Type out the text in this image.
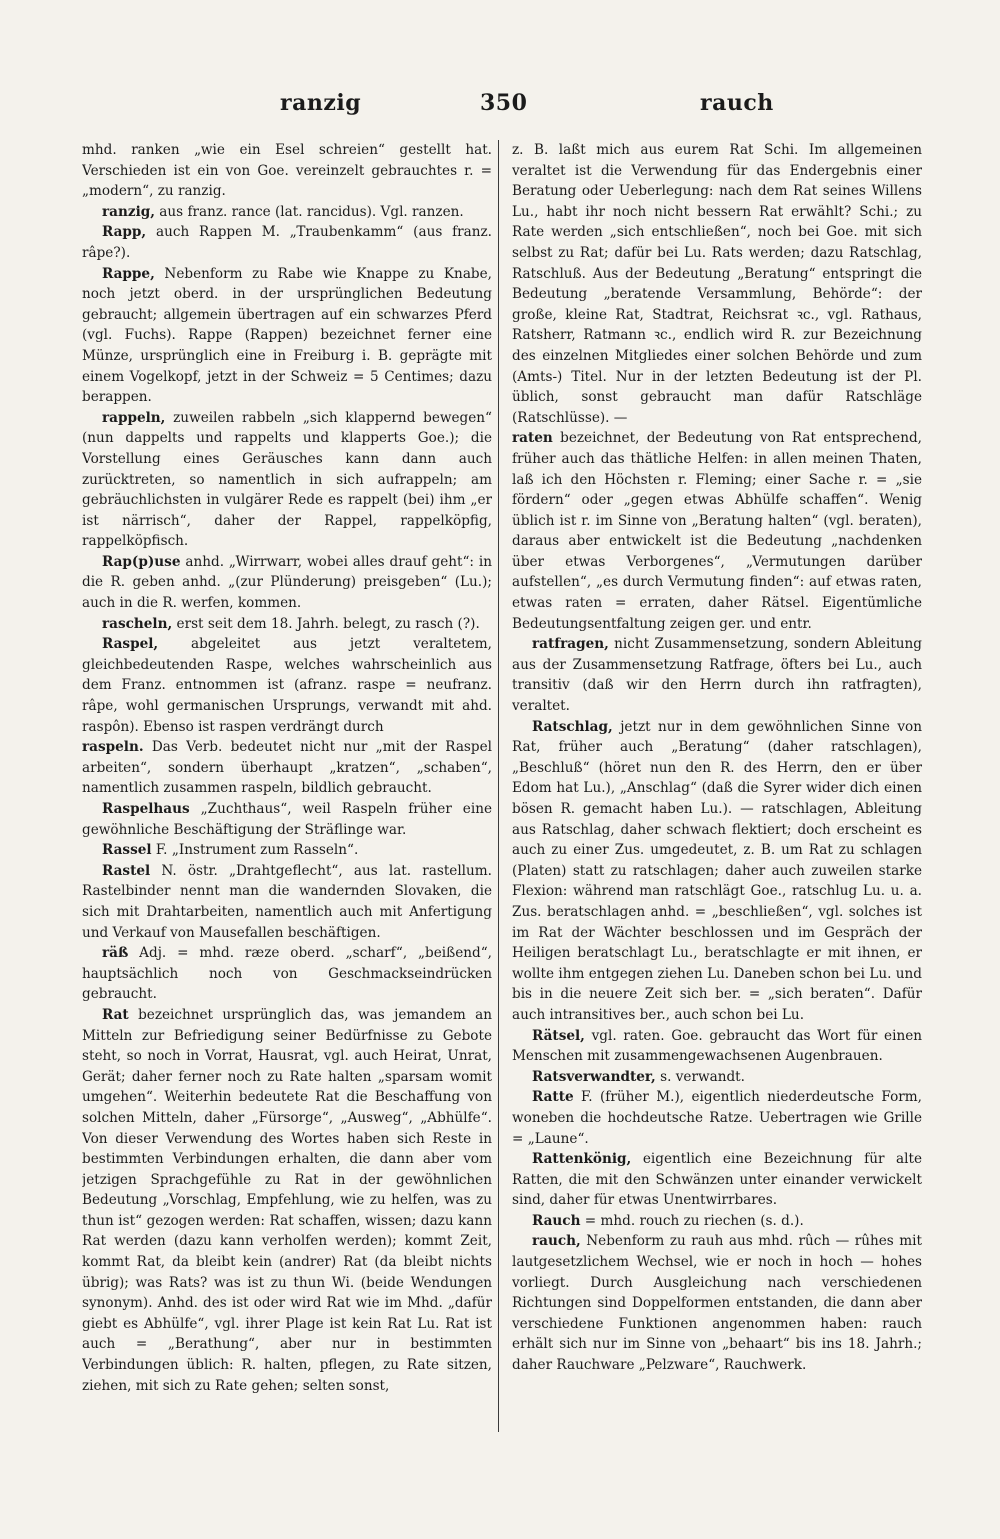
ranzig	350	rauch

mhd. ranken „wie ein Esel schreien“ gestellt hat. Verschieden ist ein von Goe. vereinzelt gebrauchtes r. = „modern“, zu ranzig.

ranzig, aus franz. rance (lat. rancidus). Vgl. ranzen.

Rapp, auch Rappen M. „Traubenkamm“ (aus franz. râpe?).

Rappe, Nebenform zu Rabe wie Knappe zu Knabe, noch jetzt oberd. in der ursprünglichen Bedeutung gebraucht; allgemein übertragen auf ein schwarzes Pferd (vgl. Fuchs). Rappe (Rappen) bezeichnet ferner eine Münze, ursprünglich eine in Freiburg i. B. geprägte mit einem Vogelkopf, jetzt in der Schweiz = 5 Centimes; dazu berappen.

rappeln, zuweilen rabbeln „sich klappernd bewegen“ (nun dappelts und rappelts und klapperts Goe.); die Vorstellung eines Geräusches kann dann auch zurücktreten, so namentlich in sich aufrappeln; am gebräuchlichsten in vulgärer Rede es rappelt (bei) ihm „er ist närrisch“, daher der Rappel, rappelköpfig, rappelköpfisch.

Rap(p)use anhd. „Wirrwarr, wobei alles drauf geht“: in die R. geben anhd. „(zur Plünderung) preisgeben“ (Lu.); auch in die R. werfen, kommen.

rascheln, erst seit dem 18. Jahrh. belegt, zu rasch (?).

Raspel, abgeleitet aus jetzt veraltetem, gleichbedeutenden Raspe, welches wahrscheinlich aus dem Franz. entnommen ist (afranz. raspe = neufranz. râpe, wohl germanischen Ursprungs, verwandt mit ahd. raspôn). Ebenso ist raspen verdrängt durch

raspeln. Das Verb. bedeutet nicht nur „mit der Raspel arbeiten“, sondern überhaupt „kratzen“, „schaben“, namentlich zusammen raspeln, bildlich gebraucht.

Raspelhaus „Zuchthaus“, weil Raspeln früher eine gewöhnliche Beschäftigung der Sträflinge war.

Rassel F. „Instrument zum Rasseln“.

Rastel N. östr. „Drahtgeflecht“, aus lat. rastellum. Rastelbinder nennt man die wandernden Slovaken, die sich mit Drahtarbeiten, namentlich auch mit Anfertigung und Verkauf von Mausefallen beschäftigen.

räß Adj. = mhd. ræze oberd. „scharf“, „beißend“, hauptsächlich noch von Geschmackseindrücken gebraucht.

Rat bezeichnet ursprünglich das, was jemandem an Mitteln zur Befriedigung seiner Bedürfnisse zu Gebote steht, so noch in Vorrat, Hausrat, vgl. auch Heirat, Unrat, Gerät; daher ferner noch zu Rate halten „sparsam womit umgehen“. Weiterhin bedeutete Rat die Beschaffung von solchen Mitteln, daher „Fürsorge“, „Ausweg“, „Abhülfe“. Von dieser Verwendung des Wortes haben sich Reste in bestimmten Verbindungen erhalten, die dann aber vom jetzigen Sprachgefühle zu Rat in der gewöhnlichen Bedeutung „Vorschlag, Empfehlung, wie zu helfen, was zu thun ist“ gezogen werden: Rat schaffen, wissen; dazu kann Rat werden (dazu kann verholfen werden); kommt Zeit, kommt Rat, da bleibt kein (andrer) Rat (da bleibt nichts übrig); was Rats? was ist zu thun Wi. (beide Wendungen synonym). Anhd. des ist oder wird Rat wie im Mhd. „dafür giebt es Abhülfe“, vgl. ihrer Plage ist kein Rat Lu. Rat ist auch = „Berathung“, aber nur in bestimmten Verbindungen üblich: R. halten, pflegen, zu Rate sitzen, ziehen, mit sich zu Rate gehen; selten sonst,

z. B. laßt mich aus eurem Rat Schi. Im allgemeinen veraltet ist die Verwendung für das Endergebnis einer Beratung oder Ueberlegung: nach dem Rat seines Willens Lu., habt ihr noch nicht bessern Rat erwählt? Schi.; zu Rate werden „sich entschließen“, noch bei Goe. mit sich selbst zu Rat; dafür bei Lu. Rats werden; dazu Ratschlag, Ratschluß. Aus der Bedeutung „Beratung“ entspringt die Bedeutung „beratende Versammlung, Behörde“: der große, kleine Rat, Stadtrat, Reichsrat ꝛc., vgl. Rathaus, Ratsherr, Ratmann ꝛc., endlich wird R. zur Bezeichnung des einzelnen Mitgliedes einer solchen Behörde und zum (Amts-) Titel. Nur in der letzten Bedeutung ist der Pl. üblich, sonst gebraucht man dafür Ratschläge (Ratschlüsse). —

raten bezeichnet, der Bedeutung von Rat entsprechend, früher auch das thätliche Helfen: in allen meinen Thaten, laß ich den Höchsten r. Fleming; einer Sache r. = „sie fördern“ oder „gegen etwas Abhülfe schaffen“. Wenig üblich ist r. im Sinne von „Beratung halten“ (vgl. beraten), daraus aber entwickelt ist die Bedeutung „nachdenken über etwas Verborgenes“, „Vermutungen darüber aufstellen“, „es durch Vermutung finden“: auf etwas raten, etwas raten = erraten, daher Rätsel. Eigentümliche Bedeutungsentfaltung zeigen ger. und entr.

ratfragen, nicht Zusammensetzung, sondern Ableitung aus der Zusammensetzung Ratfrage, öfters bei Lu., auch transitiv (daß wir den Herrn durch ihn ratfragten), veraltet.

Ratschlag, jetzt nur in dem gewöhnlichen Sinne von Rat, früher auch „Beratung“ (daher ratschlagen), „Beschluß“ (höret nun den R. des Herrn, den er über Edom hat Lu.), „Anschlag“ (daß die Syrer wider dich einen bösen R. gemacht haben Lu.). — ratschlagen, Ableitung aus Ratschlag, daher schwach flektiert; doch erscheint es auch zu einer Zus. umgedeutet, z. B. um Rat zu schlagen (Platen) statt zu ratschlagen; daher auch zuweilen starke Flexion: während man ratschlägt Goe., ratschlug Lu. u. a. Zus. beratschlagen anhd. = „beschließen“, vgl. solches ist im Rat der Wächter beschlossen und im Gespräch der Heiligen beratschlagt Lu., beratschlagte er mit ihnen, er wollte ihm entgegen ziehen Lu. Daneben schon bei Lu. und bis in die neuere Zeit sich ber. = „sich beraten“. Dafür auch intransitives ber., auch schon bei Lu.

Rätsel, vgl. raten. Goe. gebraucht das Wort für einen Menschen mit zusammengewachsenen Augenbrauen.

Ratsverwandter, s. verwandt.

Ratte F. (früher M.), eigentlich niederdeutsche Form, woneben die hochdeutsche Ratze. Uebertragen wie Grille = „Laune“.

Rattenkönig, eigentlich eine Bezeichnung für alte Ratten, die mit den Schwänzen unter einander verwickelt sind, daher für etwas Unentwirrbares.

Rauch = mhd. rouch zu riechen (s. d.).

rauch, Nebenform zu rauh aus mhd. rûch — rûhes mit lautgesetzlichem Wechsel, wie er noch in hoch — hohes vorliegt. Durch Ausgleichung nach verschiedenen Richtungen sind Doppelformen entstanden, die dann aber verschiedene Funktionen angenommen haben: rauch erhält sich nur im Sinne von „behaart“ bis ins 18. Jahrh.; daher Rauchware „Pelzware“, Rauchwerk.
